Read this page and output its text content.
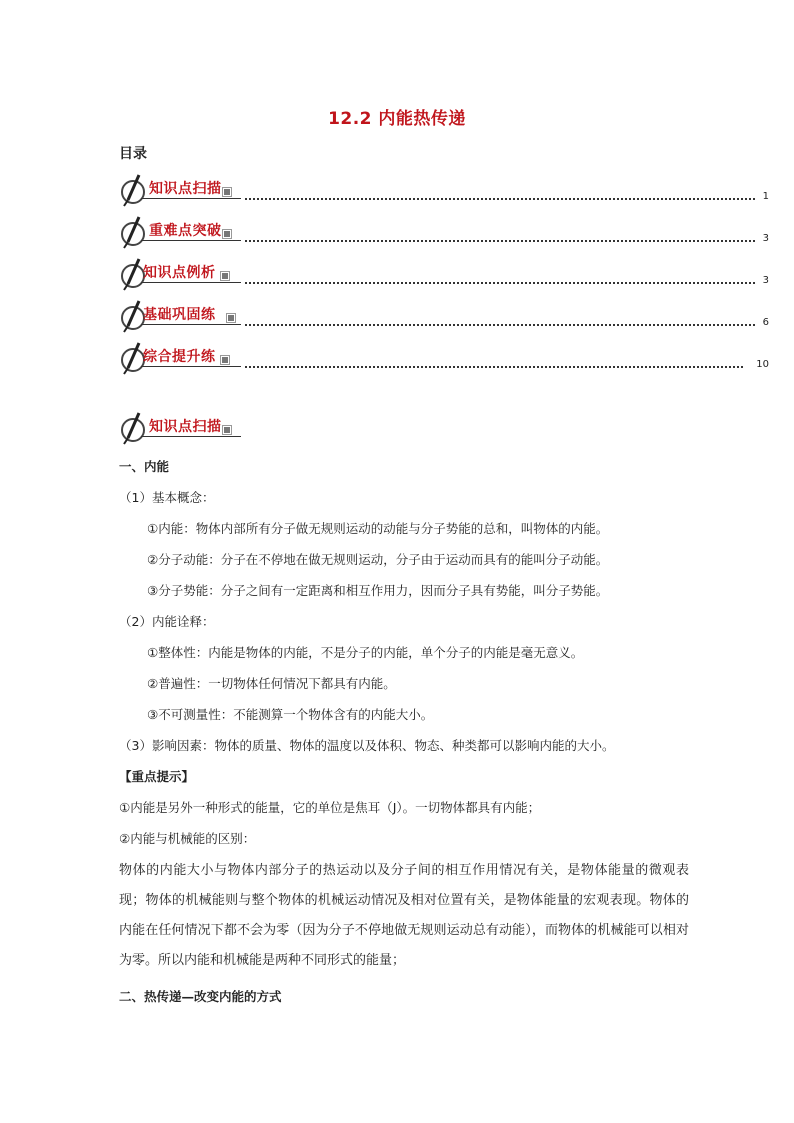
12.2 内能热传递
目录
知识点扫描	1
重难点突破	3
知识点例析	3
基础巩固练	6
综合提升练	10
知识点扫描
一、内能
（1）基本概念：
①内能：物体内部所有分子做无规则运动的动能与分子势能的总和，叫物体的内能。
②分子动能：分子在不停地在做无规则运动，分子由于运动而具有的能叫分子动能。
③分子势能：分子之间有一定距离和相互作用力，因而分子具有势能，叫分子势能。
（2）内能诠释：
①整体性：内能是物体的内能，不是分子的内能，单个分子的内能是毫无意义。
②普遍性：一切物体任何情况下都具有内能。
③不可测量性：不能测算一个物体含有的内能大小。
（3）影响因素：物体的质量、物体的温度以及体积、物态、种类都可以影响内能的大小。
【重点提示】
①内能是另外一种形式的能量，它的单位是焦耳（J）。一切物体都具有内能；
②内能与机械能的区别：
物体的内能大小与物体内部分子的热运动以及分子间的相互作用情况有关，是物体能量的微观表现；物体的机械能则与整个物体的机械运动情况及相对位置有关，是物体能量的宏观表现。物体的内能在任何情况下都不会为零（因为分子不停地做无规则运动总有动能），而物体的机械能可以相对为零。所以内能和机械能是两种不同形式的能量；
二、热传递—改变内能的方式
